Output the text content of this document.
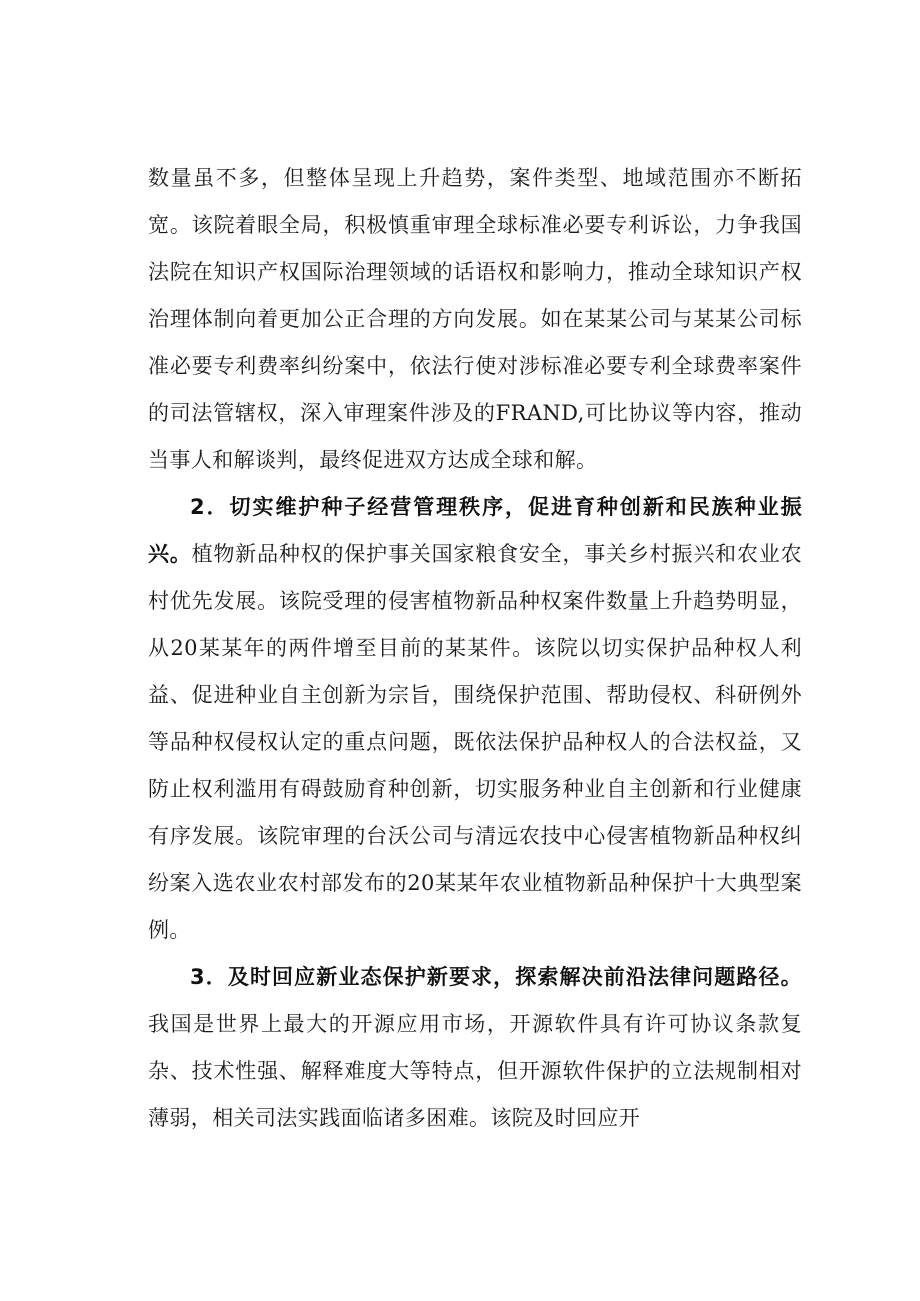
数量虽不多，但整体呈现上升趋势，案件类型、地域范围亦不断拓宽。该院着眼全局，积极慎重审理全球标准必要专利诉讼，力争我国法院在知识产权国际治理领域的话语权和影响力，推动全球知识产权治理体制向着更加公正合理的方向发展。如在某某公司与某某公司标准必要专利费率纠纷案中，依法行使对涉标准必要专利全球费率案件的司法管辖权，深入审理案件涉及的FRAND,可比协议等内容，推动当事人和解谈判，最终促进双方达成全球和解。

2．切实维护种子经营管理秩序，促进育种创新和民族种业振兴。植物新品种权的保护事关国家粮食安全，事关乡村振兴和农业农村优先发展。该院受理的侵害植物新品种权案件数量上升趋势明显，从20某某年的两件增至目前的某某件。该院以切实保护品种权人利益、促进种业自主创新为宗旨，围绕保护范围、帮助侵权、科研例外等品种权侵权认定的重点问题，既依法保护品种权人的合法权益，又防止权利滥用有碍鼓励育种创新，切实服务种业自主创新和行业健康有序发展。该院审理的台沃公司与清远农技中心侵害植物新品种权纠纷案入选农业农村部发布的20某某年农业植物新品种保护十大典型案例。

3．及时回应新业态保护新要求，探索解决前沿法律问题路径。我国是世界上最大的开源应用市场，开源软件具有许可协议条款复杂、技术性强、解释难度大等特点，但开源软件保护的立法规制相对薄弱，相关司法实践面临诸多困难。该院及时回应开
